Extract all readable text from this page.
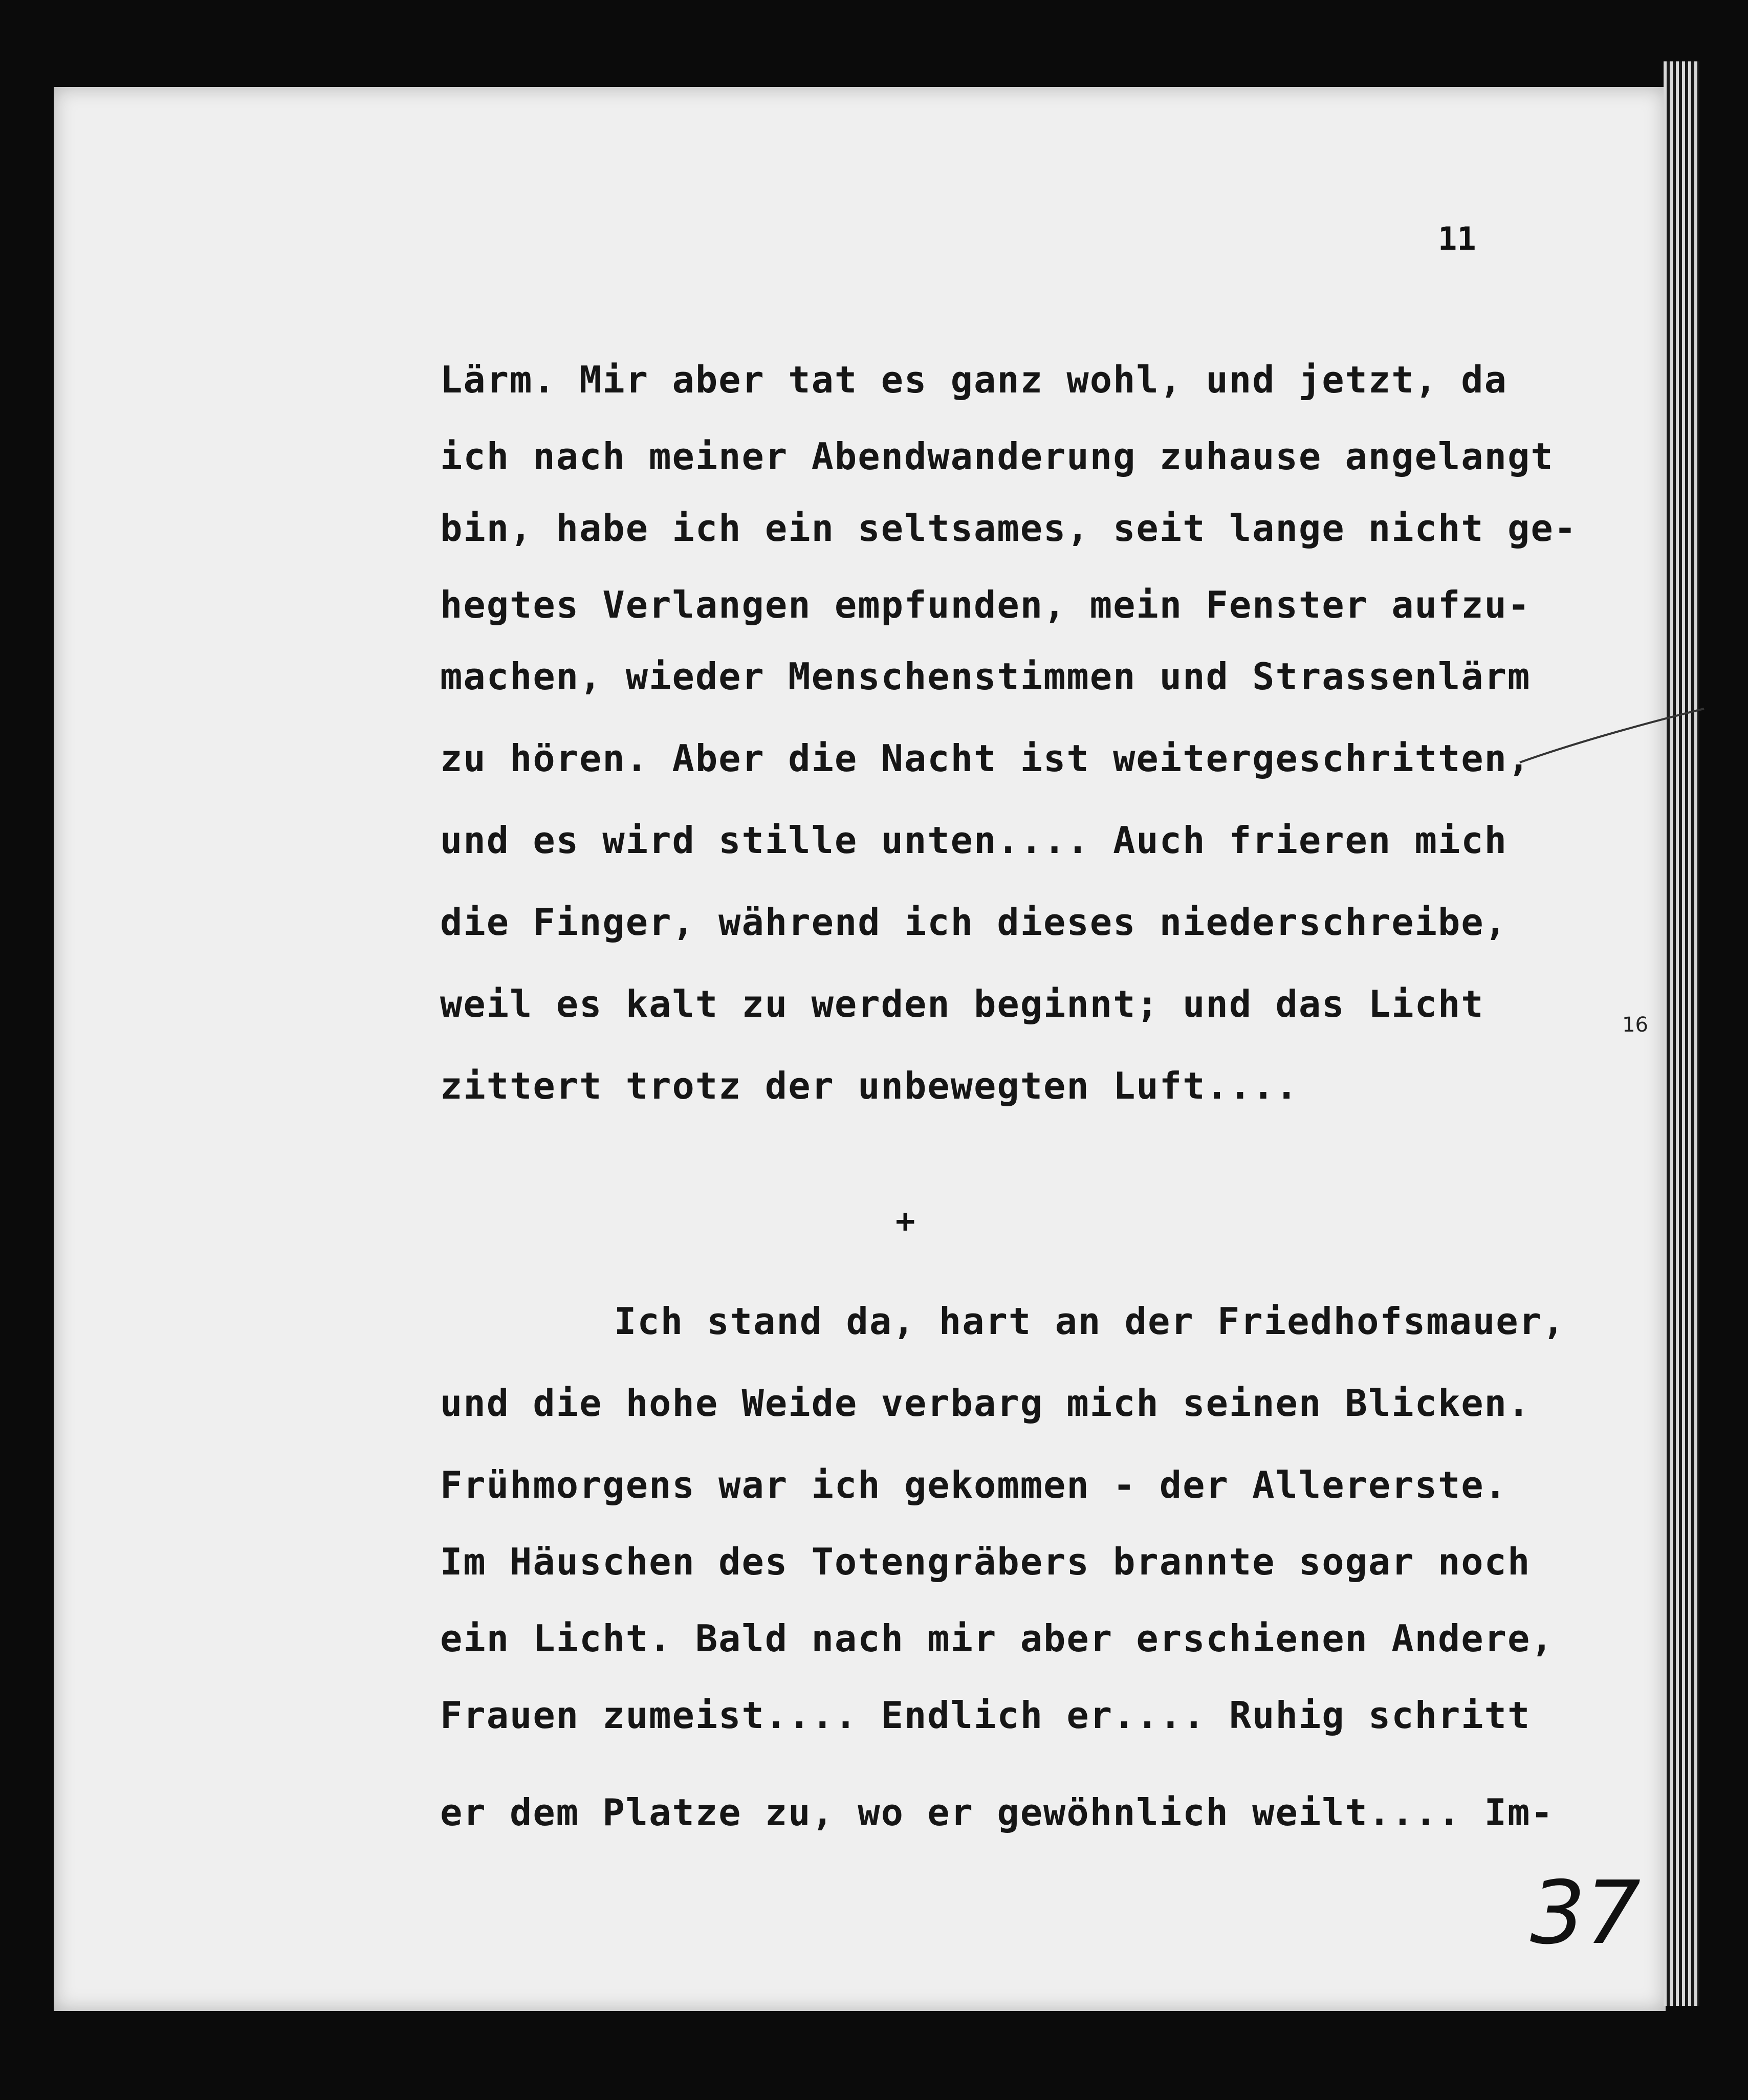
11
Lärm. Mir aber tat es ganz wohl, und jetzt, da
ich nach meiner Abendwanderung zuhause angelangt
bin, habe ich ein seltsames, seit lange nicht ge-
hegtes Verlangen empfunden, mein Fenster aufzu-
machen, wieder Menschenstimmen und Strassenlärm
zu hören. Aber die Nacht ist weitergeschritten,
und es wird stille unten.... Auch frieren mich
die Finger, während ich dieses niederschreibe,
weil es kalt zu werden beginnt; und das Licht
zittert trotz der unbewegten Luft....
+
Ich stand da, hart an der Friedhofsmauer,
und die hohe Weide verbarg mich seinen Blicken.
Frühmorgens war ich gekommen - der Allererste.
Im Häuschen des Totengräbers brannte sogar noch
ein Licht. Bald nach mir aber erschienen Andere,
Frauen zumeist.... Endlich er.... Ruhig schritt
er dem Platze zu, wo er gewöhnlich weilt.... Im-
16
37
